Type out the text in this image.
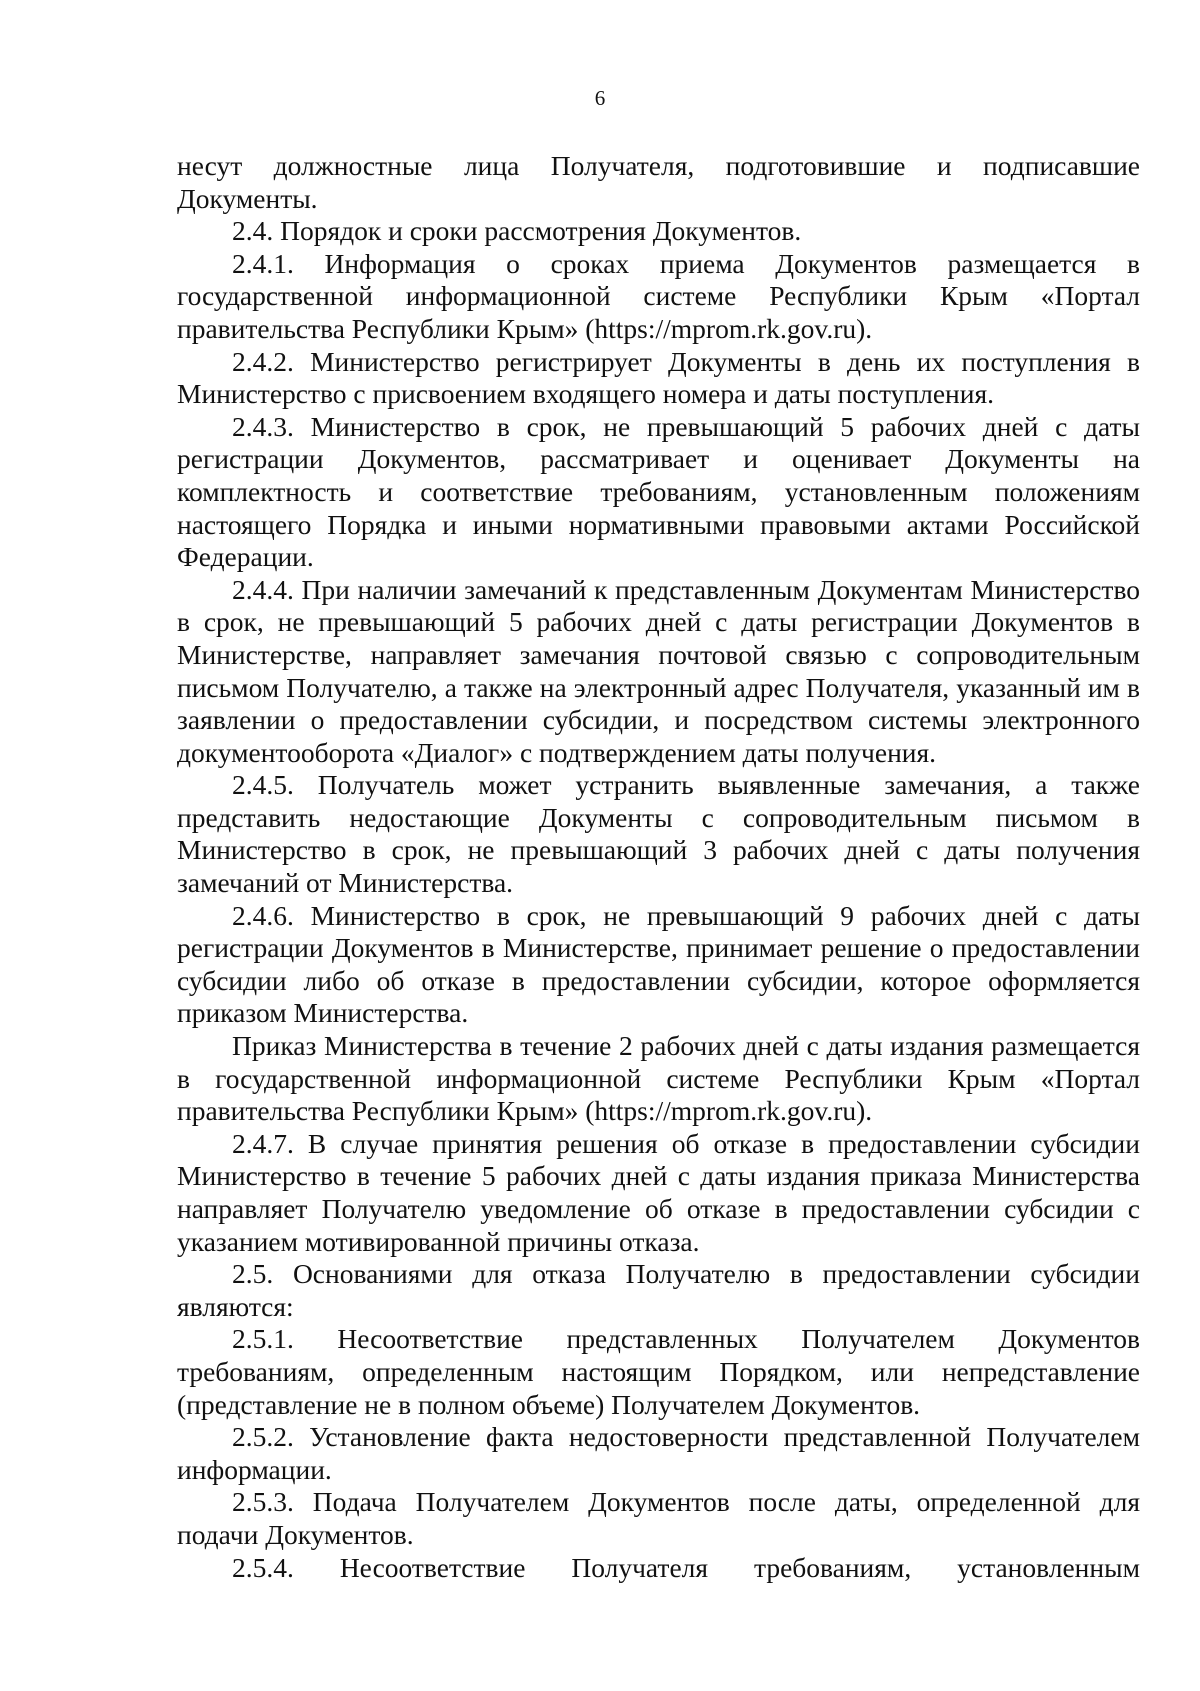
6

несут должностные лица Получателя, подготовившие и подписавшие Документы.

2.4. Порядок и сроки рассмотрения Документов.

2.4.1. Информация о сроках приема Документов размещается в государственной информационной системе Республики Крым «Портал правительства Республики Крым» (https://mprom.rk.gov.ru).

2.4.2. Министерство регистрирует Документы в день их поступления в Министерство с присвоением входящего номера и даты поступления.

2.4.3. Министерство в срок, не превышающий 5 рабочих дней с даты регистрации Документов, рассматривает и оценивает Документы на комплектность и соответствие требованиям, установленным положениям настоящего Порядка и иными нормативными правовыми актами Российской Федерации.

2.4.4. При наличии замечаний к представленным Документам Министерство в срок, не превышающий 5 рабочих дней с даты регистрации Документов в Министерстве, направляет замечания почтовой связью с сопроводительным письмом Получателю, а также на электронный адрес Получателя, указанный им в заявлении о предоставлении субсидии, и посредством системы электронного документооборота «Диалог» с подтверждением даты получения.

2.4.5. Получатель может устранить выявленные замечания, а также представить недостающие Документы с сопроводительным письмом в Министерство в срок, не превышающий 3 рабочих дней с даты получения замечаний от Министерства.

2.4.6. Министерство в срок, не превышающий 9 рабочих дней с даты регистрации Документов в Министерстве, принимает решение о предоставлении субсидии либо об отказе в предоставлении субсидии, которое оформляется приказом Министерства.

Приказ Министерства в течение 2 рабочих дней с даты издания размещается в государственной информационной системе Республики Крым «Портал правительства Республики Крым» (https://mprom.rk.gov.ru).

2.4.7. В случае принятия решения об отказе в предоставлении субсидии Министерство в течение 5 рабочих дней с даты издания приказа Министерства направляет Получателю уведомление об отказе в предоставлении субсидии с указанием мотивированной причины отказа.

2.5. Основаниями для отказа Получателю в предоставлении субсидии являются:

2.5.1. Несоответствие представленных Получателем Документов требованиям, определенным настоящим Порядком, или непредставление (представление не в полном объеме) Получателем Документов.

2.5.2. Установление факта недостоверности представленной Получателем информации.

2.5.3. Подача Получателем Документов после даты, определенной для подачи Документов.

2.5.4. Несоответствие Получателя требованиям, установленным
